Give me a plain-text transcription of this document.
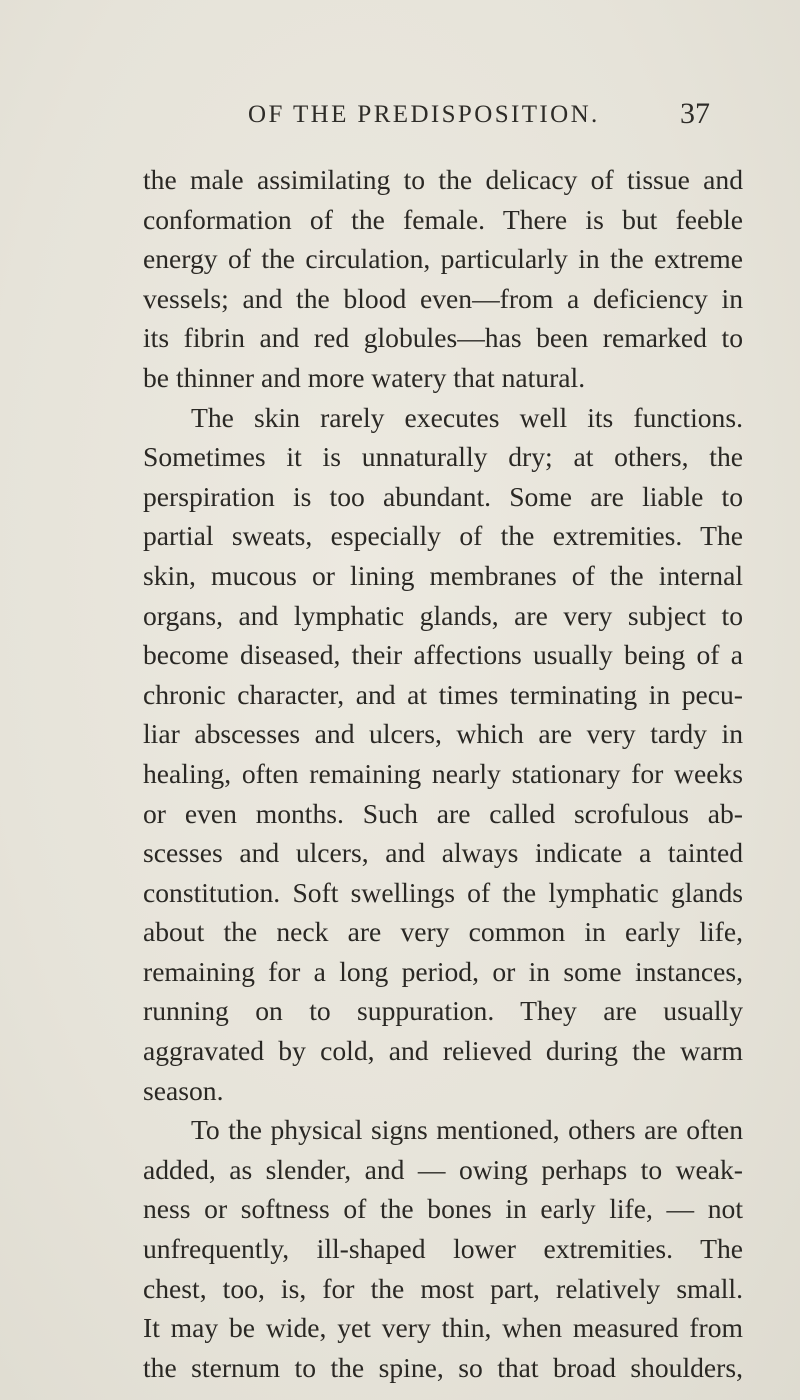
OF THE PREDISPOSITION.	37
the male assimilating to the delicacy of tissue and
conformation of the female. There is but feeble
energy of the circulation, particularly in the extreme
vessels; and the blood even—from a deficiency in
its fibrin and red globules—has been remarked to
be thinner and more watery that natural.
The skin rarely executes well its functions.
Sometimes it is unnaturally dry; at others, the
perspiration is too abundant. Some are liable to
partial sweats, especially of the extremities. The
skin, mucous or lining membranes of the internal
organs, and lymphatic glands, are very subject to
become diseased, their affections usually being of a
chronic character, and at times terminating in pecu-
liar abscesses and ulcers, which are very tardy in
healing, often remaining nearly stationary for weeks
or even months. Such are called scrofulous ab-
scesses and ulcers, and always indicate a tainted
constitution. Soft swellings of the lymphatic glands
about the neck are very common in early life,
remaining for a long period, or in some instances,
running on to suppuration. They are usually
aggravated by cold, and relieved during the warm
season.
To the physical signs mentioned, others are often
added, as slender, and — owing perhaps to weak-
ness or softness of the bones in early life, — not
unfrequently, ill-shaped lower extremities. The
chest, too, is, for the most part, relatively small.
It may be wide, yet very thin, when measured from
the sternum to the spine, so that broad shoulders,
